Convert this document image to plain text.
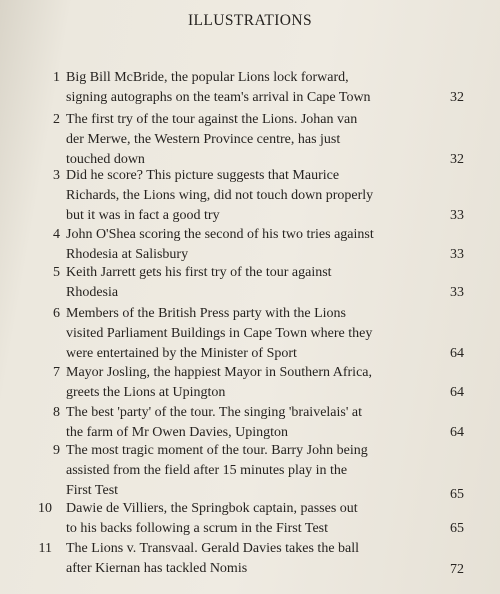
ILLUSTRATIONS
1 Big Bill McBride, the popular Lions lock forward,
signing autographs on the team's arrival in Cape Town	32
2 The first try of the tour against the Lions. Johan van
der Merwe, the Western Province centre, has just
touched down	32
3 Did he score? This picture suggests that Maurice
Richards, the Lions wing, did not touch down properly
but it was in fact a good try	33
4 John O'Shea scoring the second of his two tries against
Rhodesia at Salisbury	33
5 Keith Jarrett gets his first try of the tour against
Rhodesia	33
6 Members of the British Press party with the Lions
visited Parliament Buildings in Cape Town where they
were entertained by the Minister of Sport	64
7 Mayor Josling, the happiest Mayor in Southern Africa,
greets the Lions at Upington	64
8 The best 'party' of the tour. The singing 'braivelais' at
the farm of Mr Owen Davies, Upington	64
9 The most tragic moment of the tour. Barry John being
assisted from the field after 15 minutes play in the
First Test	65
10 Dawie de Villiers, the Springbok captain, passes out
to his backs following a scrum in the First Test	65
11 The Lions v. Transvaal. Gerald Davies takes the ball
after Kiernan has tackled Nomis	72
